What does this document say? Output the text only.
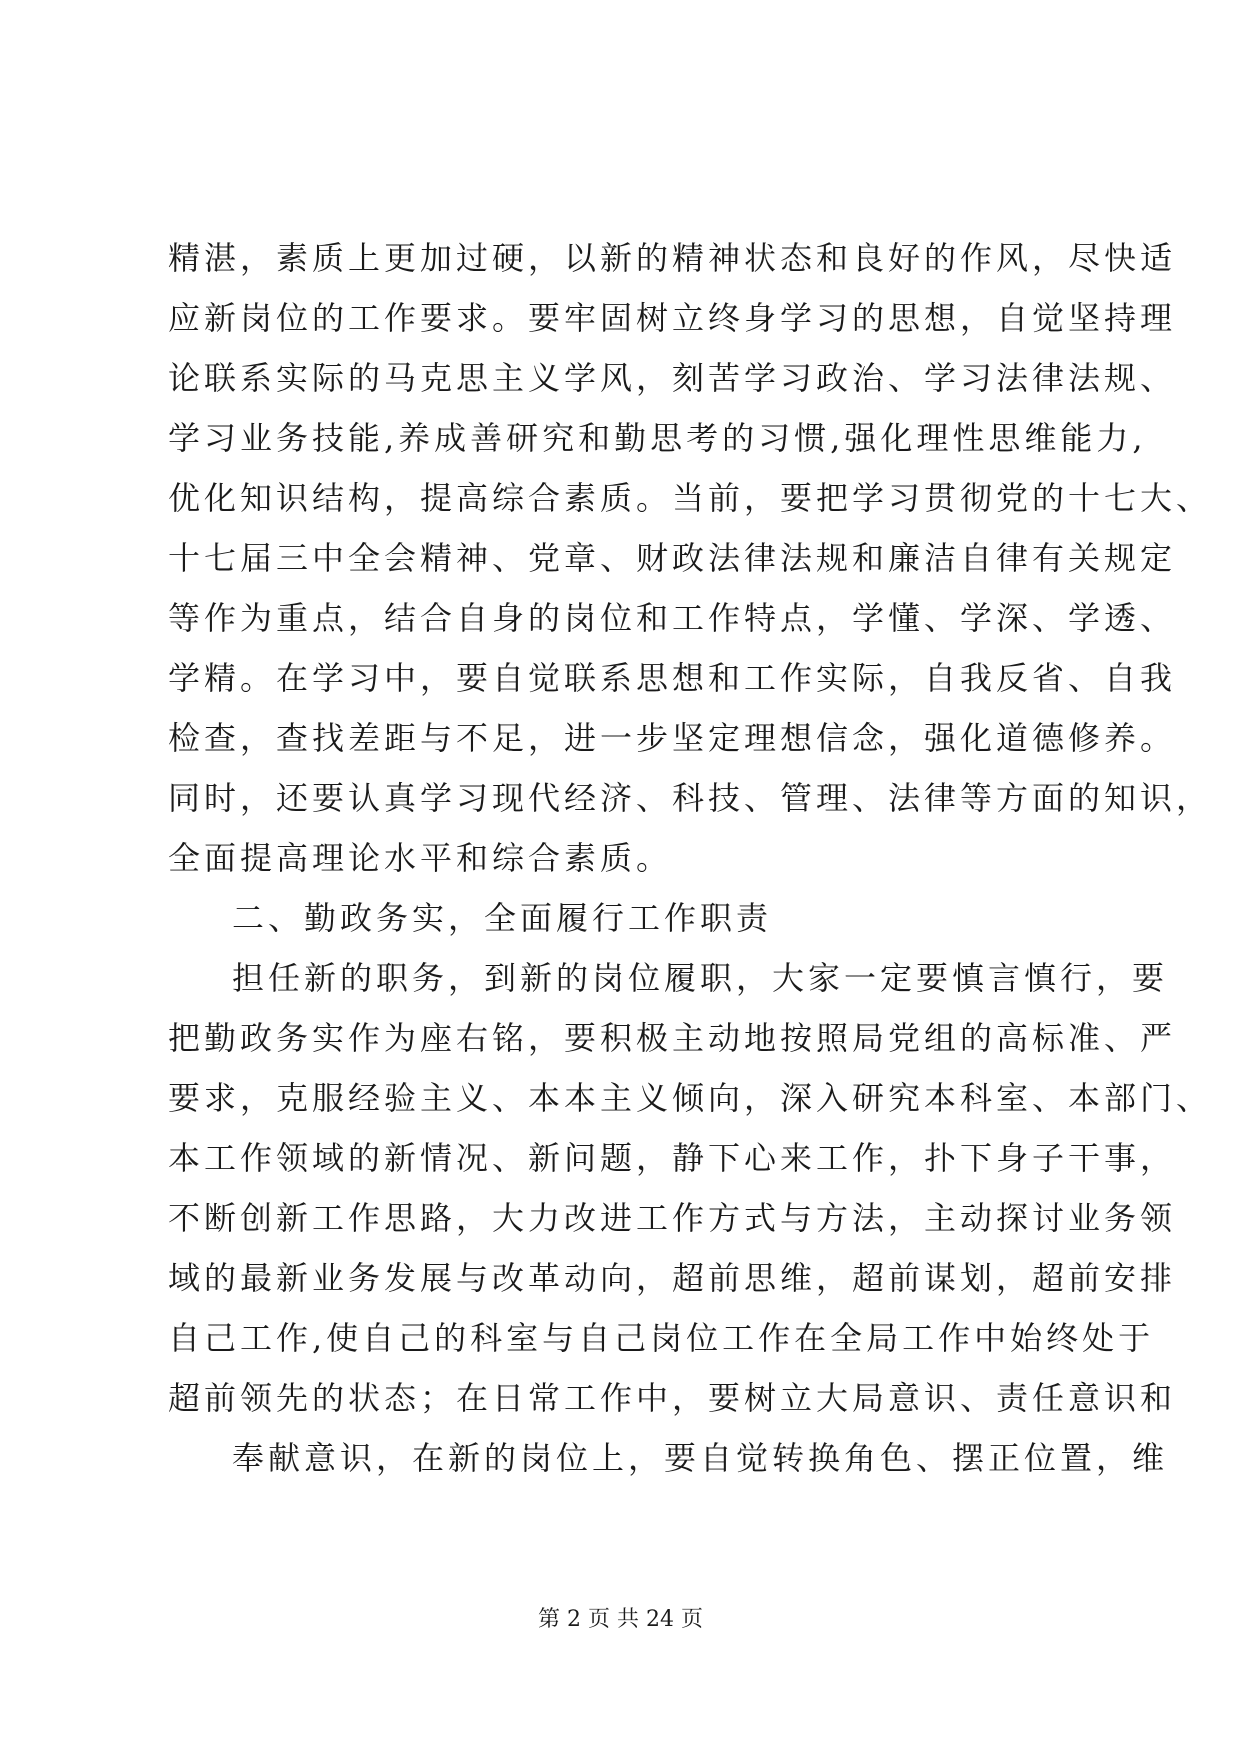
精湛，素质上更加过硬，以新的精神状态和良好的作风，尽快适
应新岗位的工作要求。要牢固树立终身学习的思想，自觉坚持理
论联系实际的马克思主义学风，刻苦学习政治、学习法律法规、
学习业务技能,养成善研究和勤思考的习惯,强化理性思维能力,
优化知识结构，提高综合素质。当前，要把学习贯彻党的十七大、
十七届三中全会精神、党章、财政法律法规和廉洁自律有关规定
等作为重点，结合自身的岗位和工作特点，学懂、学深、学透、
学精。在学习中，要自觉联系思想和工作实际，自我反省、自我
检查，查找差距与不足，进一步坚定理想信念，强化道德修养。
同时，还要认真学习现代经济、科技、管理、法律等方面的知识，
全面提高理论水平和综合素质。
二、勤政务实，全面履行工作职责
担任新的职务，到新的岗位履职，大家一定要慎言慎行，要
把勤政务实作为座右铭，要积极主动地按照局党组的高标准、严
要求，克服经验主义、本本主义倾向，深入研究本科室、本部门、
本工作领域的新情况、新问题，静下心来工作，扑下身子干事，
不断创新工作思路，大力改进工作方式与方法，主动探讨业务领
域的最新业务发展与改革动向，超前思维，超前谋划，超前安排
自己工作,使自己的科室与自己岗位工作在全局工作中始终处于
超前领先的状态；在日常工作中，要树立大局意识、责任意识和
奉献意识，在新的岗位上，要自觉转换角色、摆正位置，维
第 2 页 共 24 页
